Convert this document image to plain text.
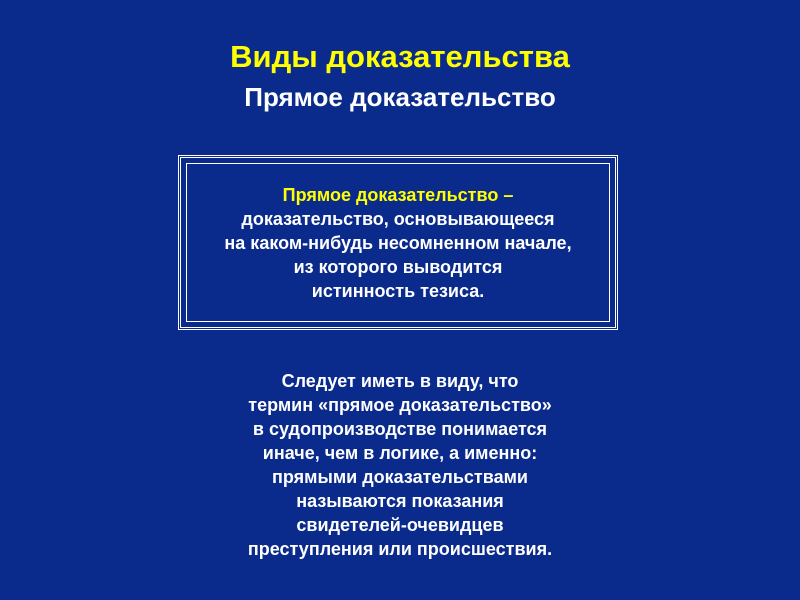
Виды доказательства
Прямое доказательство
Прямое доказательство –
доказательство, основывающееся
на каком-нибудь несомненном начале,
из которого выводится
истинность тезиса.
Следует иметь в виду, что
термин «прямое доказательство»
в судопроизводстве понимается
иначе, чем в логике, а именно:
прямыми доказательствами
называются показания
свидетелей-очевидцев
преступления или происшествия.
